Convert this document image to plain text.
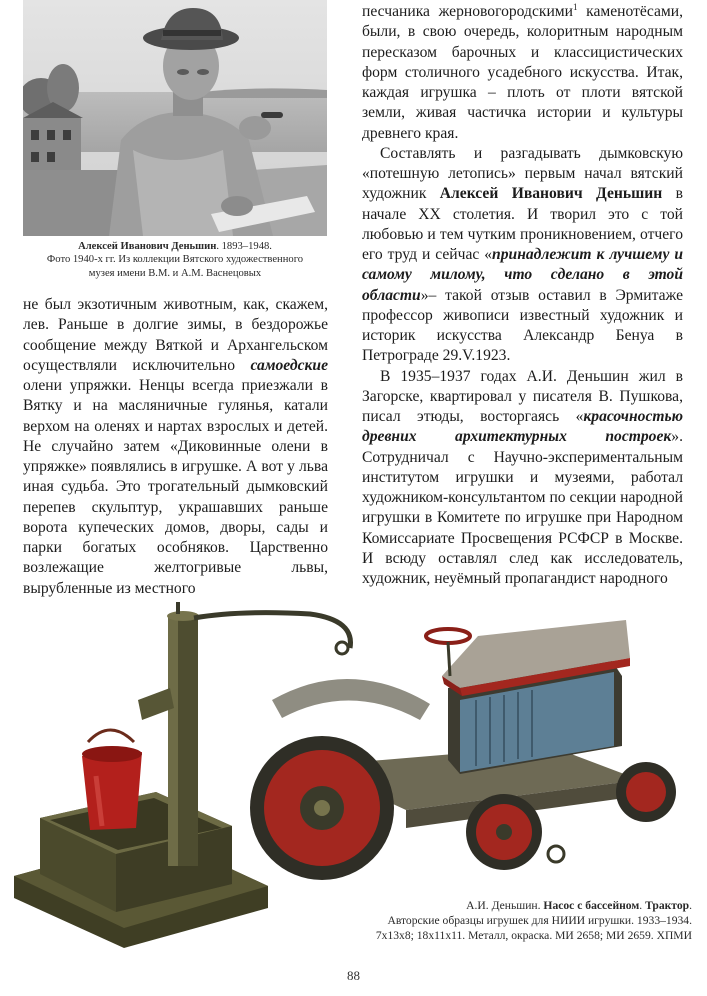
Алексей Иванович Деньшин. 1893–1948.
Фото 1940-х гг. Из коллекции Вятского художественного
музея имени В.М. и А.М. Васнецовых

не был экзотичным животным, как, скажем, лев. Раньше в долгие зимы, в бездорожье сообщение между Вяткой и Архангельском осуществляли исключительно самоедские олени упряжки. Ненцы всегда приезжали в Вятку и на масляничные гулянья, катали верхом на оленях и нартах взрослых и детей. Не случайно затем «Диковинные олени в упряжке» появлялись в игрушке. А вот у льва иная судьба. Это трогательный дымковский перепев скульптур, украшавших раньше ворота купеческих домов, дворы, сады и парки богатых особняков. Царственно возлежащие желтогривые львы, вырубленные из местного

песчаника жерновогородскими$^1$ каменотёсами, были, в свою очередь, колоритным народным пересказом барочных и классицистических форм столичного усадебного искусства. Итак, каждая игрушка – плоть от плоти вятской земли, живая частичка истории и культуры древнего края.

Составлять и разгадывать дымковскую «потешную летопись» первым начал вятский художник Алексей Иванович Деньшин в начале XX столетия. И творил это с той любовью и тем чутким проникновением, отчего его труд и сейчас «принадлежит к лучшему и самому милому, что сделано в этой области»– такой отзыв оставил в Эрмитаже профессор живописи известный художник и историк искусства Александр Бенуа в Петрограде 29.V.1923.

В 1935–1937 годах А.И. Деньшин жил в Загорске, квартировал у писателя В. Пушкова, писал этюды, восторгаясь «красочностью древних архитектурных построек». Сотрудничал с Научно-экспериментальным институтом игрушки и музеями, работал художником-консультантом по секции народной игрушки в Комитете по игрушке при Народном Комиссариате Просвещения РСФСР в Москве. И всюду оставлял след как исследователь, художник, неуёмный пропагандист народного

А.И. Деньшин. Насос с бассейном. Трактор.
Авторские образцы игрушек для НИИИ игрушки. 1933–1934.
7x13x8; 18x11x11. Металл, окраска. МИ 2658; МИ 2659. ХПМИ
88
